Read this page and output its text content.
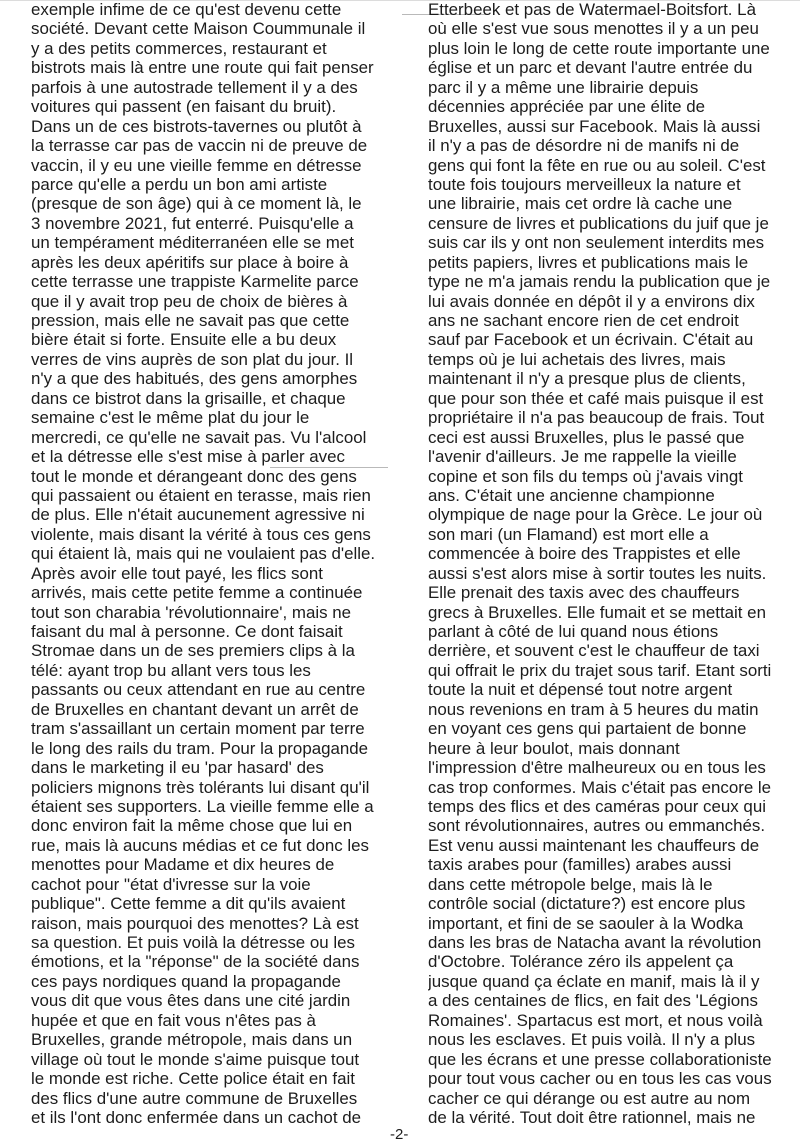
exemple infime de ce qu'est devenu cette
société. Devant cette Maison Coummunale il
y a des petits commerces, restaurant et
bistrots mais là entre une route qui fait penser
parfois à une autostrade tellement il y a des
voitures qui passent (en faisant du bruit).
Dans un de ces bistrots-tavernes ou plutôt à
la terrasse car pas de vaccin ni de preuve de
vaccin, il y eu une vieille femme en détresse
parce qu'elle a perdu un bon ami artiste
(presque de son âge) qui à ce moment là, le
3 novembre 2021, fut enterré. Puisqu'elle a
un tempérament méditerranéen elle se met
après les deux apéritifs sur place à boire à
cette terrasse une trappiste Karmelite parce
que il y avait trop peu de choix de bières à
pression, mais elle ne savait pas que cette
bière était si forte. Ensuite elle a bu deux
verres de vins auprès de son plat du jour. Il
n'y a que des habitués, des gens amorphes
dans ce bistrot dans la grisaille, et chaque
semaine c'est le même plat du jour le
mercredi, ce qu'elle ne savait pas. Vu l'alcool
et la détresse elle s'est mise à parler avec
tout le monde et dérangeant donc des gens
qui passaient ou étaient en terasse, mais rien
de plus. Elle n'était aucunement agressive ni
violente, mais disant la vérité à tous ces gens
qui étaient là, mais qui ne voulaient pas d'elle.
Après avoir elle tout payé, les flics sont
arrivés, mais cette petite femme a continuée
tout son charabia 'révolutionnaire', mais ne
faisant du mal à personne. Ce dont faisait
Stromae dans un de ses premiers clips à la
télé: ayant trop bu allant vers tous les
passants ou ceux attendant en rue au centre
de Bruxelles en chantant devant un arrêt de
tram s'assaillant un certain moment par terre
le long des rails du tram. Pour la propagande
dans le marketing il eu 'par hasard' des
policiers mignons très tolérants lui disant qu'il
étaient ses supporters. La vieille femme elle a
donc environ fait la même chose que lui en
rue, mais là aucuns médias et ce fut donc les
menottes pour Madame et dix heures de
cachot pour "état d'ivresse sur la voie
publique". Cette femme a dit qu'ils avaient
raison, mais pourquoi des menottes? Là est
sa question. Et puis voilà la détresse ou les
émotions, et la "réponse" de la société dans
ces pays nordiques quand la propagande
vous dit que vous êtes dans une cité jardin
hupée et que en fait vous n'êtes pas à
Bruxelles, grande métropole, mais dans un
village où tout le monde s'aime puisque tout
le monde est riche. Cette police était en fait
des flics d'une autre commune de Bruxelles
et ils l'ont donc enfermée dans un cachot de
Etterbeek et pas de Watermael-Boitsfort. Là
où elle s'est vue sous menottes il y a un peu
plus loin le long de cette route importante une
église et un parc et devant l'autre entrée du
parc il y a même une librairie depuis
décennies appréciée par une élite de
Bruxelles, aussi sur Facebook. Mais là aussi
il n'y a pas de désordre ni de manifs ni de
gens qui font la fête en rue ou au soleil. C'est
toute fois toujours merveilleux la nature et
une librairie, mais cet ordre là cache une
censure de livres et publications du juif que je
suis car ils y ont non seulement interdits mes
petits papiers, livres et publications mais le
type ne m'a jamais rendu la publication que je
lui avais donnée en dépôt il y a environs dix
ans ne sachant encore rien de cet endroit
sauf par Facebook et un écrivain. C'était au
temps où je lui achetais des livres, mais
maintenant il n'y a presque plus de clients,
que pour son thée et café mais puisque il est
propriétaire il n'a pas beaucoup de frais. Tout
ceci est aussi Bruxelles, plus le passé que
l'avenir d'ailleurs. Je me rappelle la vieille
copine et son fils du temps où j'avais vingt
ans. C'était une ancienne championne
olympique de nage pour la Grèce. Le jour où
son mari (un Flamand) est mort elle a
commencée à boire des Trappistes et elle
aussi s'est alors mise à sortir toutes les nuits.
Elle prenait des taxis avec des chauffeurs
grecs à Bruxelles. Elle fumait et se mettait en
parlant à côté de lui quand nous étions
derrière, et souvent c'est le chauffeur de taxi
qui offrait le prix du trajet sous tarif. Etant sorti
toute la nuit et dépensé tout notre argent
nous revenions en tram à 5 heures du matin
en voyant ces gens qui partaient de bonne
heure à leur boulot, mais donnant
l'impression d'être malheureux ou en tous les
cas trop conformes. Mais c'était pas encore le
temps des flics et des caméras pour ceux qui
sont révolutionnaires, autres ou emmanchés.
Est venu aussi maintenant les chauffeurs de
taxis arabes pour (familles) arabes aussi
dans cette métropole belge, mais là le
contrôle social (dictature?) est encore plus
important, et fini de se saouler à la Wodka
dans les bras de Natacha avant la révolution
d'Octobre. Tolérance zéro ils appelent ça
jusque quand ça éclate en manif, mais là il y
a des centaines de flics, en fait des 'Légions
Romaines'. Spartacus est mort, et nous voilà
nous les esclaves. Et puis voilà. Il n'y a plus
que les écrans et une presse collaborationiste
pour tout vous cacher ou en tous les cas vous
cacher ce qui dérange ou est autre au nom
de la vérité. Tout doit être rationnel, mais ne
-2-
